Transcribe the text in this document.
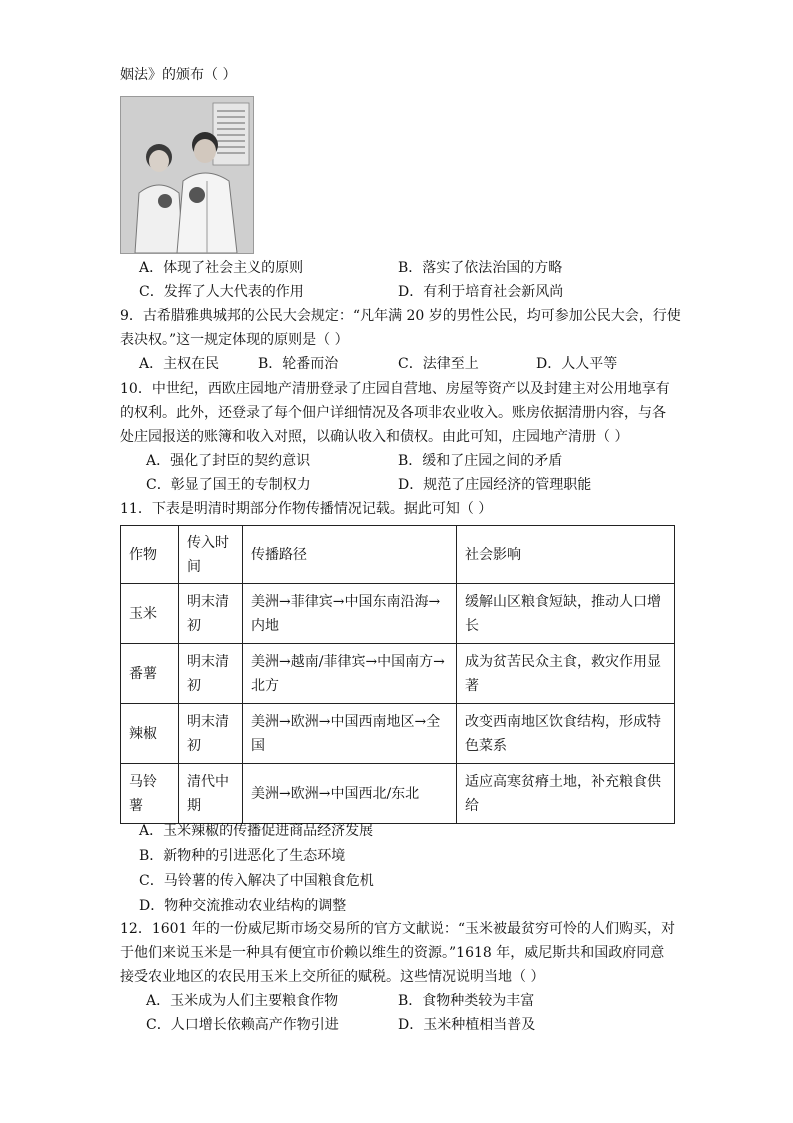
姻法》的颁布（ ）
A．体现了社会主义的原则	B．落实了依法治国的方略
C．发挥了人大代表的作用	D．有利于培育社会新风尚
9．古希腊雅典城邦的公民大会规定：“凡年满 20 岁的男性公民，均可参加公民大会，行使
表决权。”这一规定体现的原则是（ ）
A．主权在民	B．轮番而治	C．法律至上	D．人人平等
10．中世纪，西欧庄园地产清册登录了庄园自营地、房屋等资产以及封建主对公用地享有
的权利。此外，还登录了每个佃户详细情况及各项非农业收入。账房依据清册内容，与各
处庄园报送的账簿和收入对照，以确认收入和债权。由此可知，庄园地产清册（ ）
A．强化了封臣的契约意识	B．缓和了庄园之间的矛盾
C．彰显了国王的专制权力	D．规范了庄园经济的管理职能
11．下表是明清时期部分作物传播情况记载。据此可知（ ）
作物	传入时间	传播路径	社会影响
玉米	明末清初	美洲→菲律宾→中国东南沿海→内地	缓解山区粮食短缺，推动人口增长
番薯	明末清初	美洲→越南/菲律宾→中国南方→北方	成为贫苦民众主食，救灾作用显著
辣椒	明末清初	美洲→欧洲→中国西南地区→全国	改变西南地区饮食结构，形成特色菜系
马铃薯	清代中期	美洲→欧洲→中国西北/东北	适应高寒贫瘠土地，补充粮食供给
A．玉米辣椒的传播促进商品经济发展
B．新物种的引进恶化了生态环境
C．马铃薯的传入解决了中国粮食危机
D．物种交流推动农业结构的调整
12．1601 年的一份威尼斯市场交易所的官方文献说：“玉米被最贫穷可怜的人们购买，对
于他们来说玉米是一种具有便宜市价赖以维生的资源。”1618 年，威尼斯共和国政府同意
接受农业地区的农民用玉米上交所征的赋税。这些情况说明当地（ ）
A．玉米成为人们主要粮食作物	B．食物种类较为丰富
C．人口增长依赖高产作物引进	D．玉米种植相当普及
